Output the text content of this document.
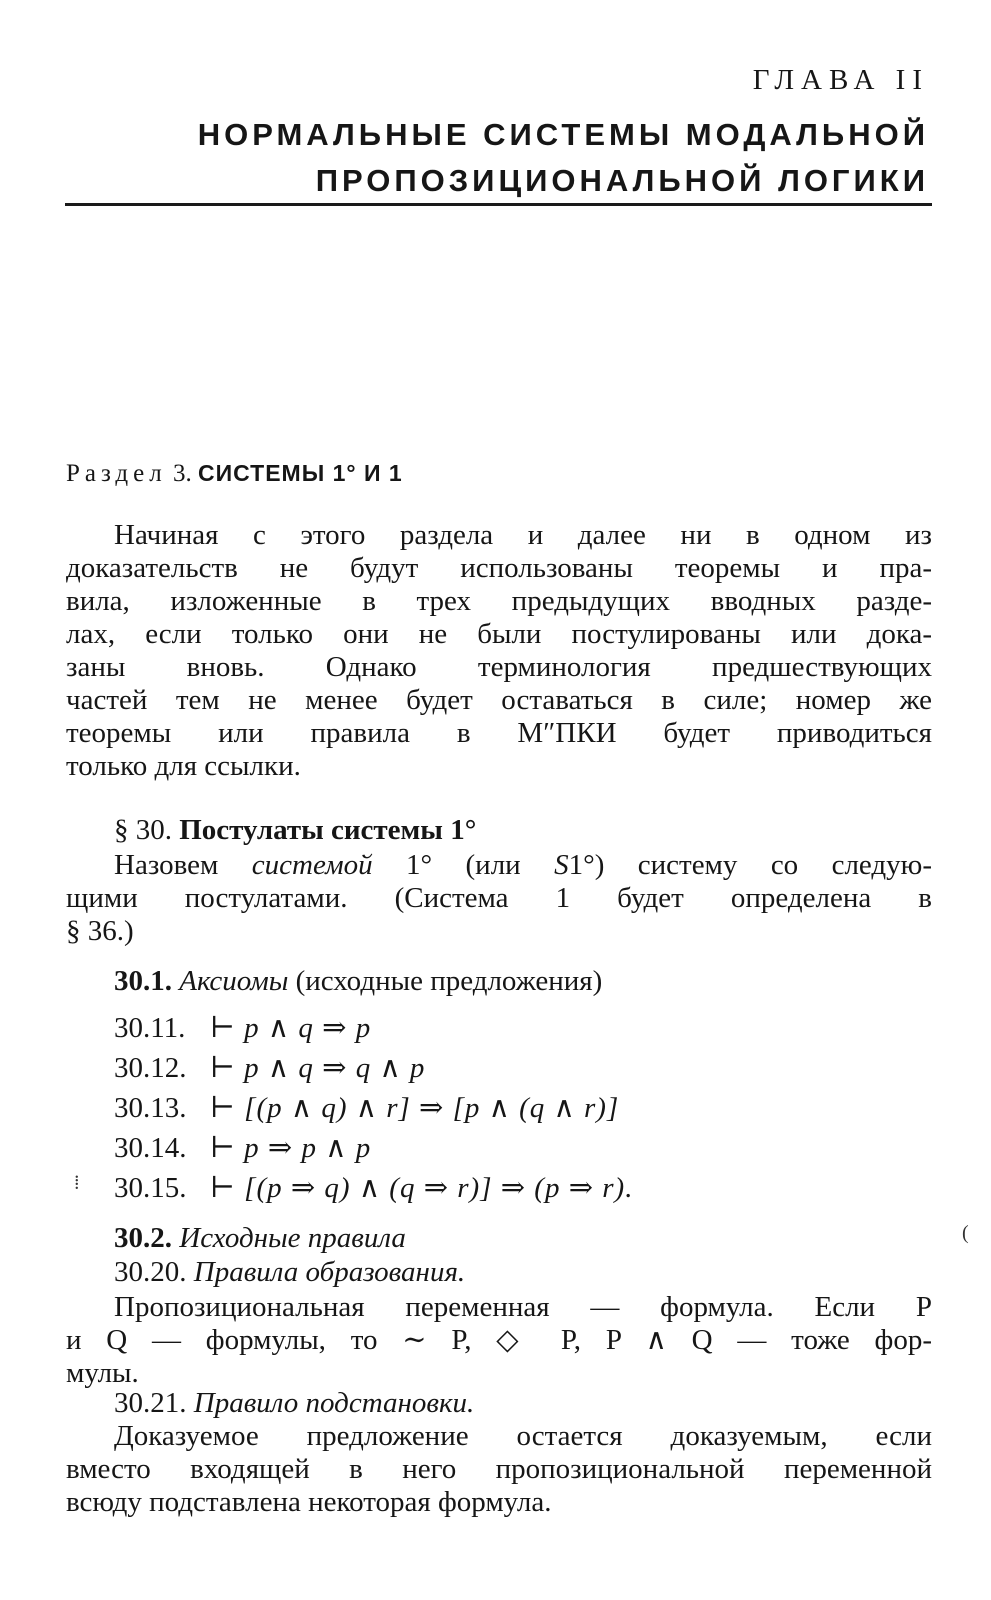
ГЛАВА II
НОРМАЛЬНЫЕ СИСТЕМЫ МОДАЛЬНОЙ
ПРОПОЗИЦИОНАЛЬНОЙ ЛОГИКИ
Раздел 3. СИСТЕМЫ 1° И 1
Начиная с этого раздела и далее ни в одном из
доказательств не будут использованы теоремы и пра-
вила, изложенные в трех предыдущих вводных разде-
лах, если только они не были постулированы или дока-
заны вновь. Однако терминология предшествующих
частей тем не менее будет оставаться в силе; номер же
теоремы или правила в М″ПКИ будет приводиться
только для ссылки.
§ 30. Постулаты системы 1°
Назовем системой 1° (или S1°) систему со следую-
щими постулатами. (Система 1 будет определена в
§ 36.)
30.1. Аксиомы (исходные предложения)
30.11. ⊢ p ∧ q ⇒ p
30.12. ⊢ p ∧ q ⇒ q ∧ p
30.13. ⊢ [(p ∧ q) ∧ r] ⇒ [p ∧ (q ∧ r)]
30.14. ⊢ p ⇒ p ∧ p
30.15. ⊢ [(p ⇒ q) ∧ (q ⇒ r)] ⇒ (p ⇒ r).
⁞
(
30.2. Исходные правила
30.20. Правила образования.
Пропозициональная переменная — формула. Если P
и Q — формулы, то ∼ P, ◇ P, P ∧ Q — тоже фор-
мулы.
30.21. Правило подстановки.
Доказуемое предложение остается доказуемым, если
вместо входящей в него пропозициональной переменной
всюду подставлена некоторая формула.
